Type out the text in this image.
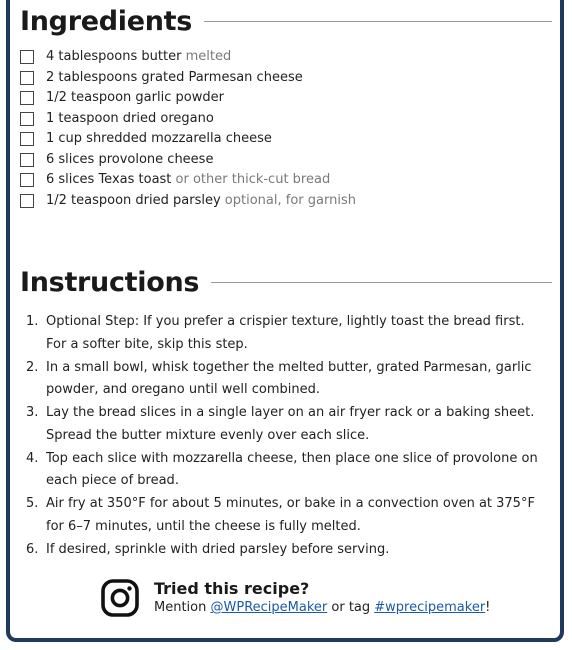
Ingredients
4 tablespoons butter melted
2 tablespoons grated Parmesan cheese
1/2 teaspoon garlic powder
1 teaspoon dried oregano
1 cup shredded mozzarella cheese
6 slices provolone cheese
6 slices Texas toast or other thick-cut bread
1/2 teaspoon dried parsley optional, for garnish
Instructions
1. Optional Step: If you prefer a crispier texture, lightly toast the bread first. For a softer bite, skip this step.
2. In a small bowl, whisk together the melted butter, grated Parmesan, garlic powder, and oregano until well combined.
3. Lay the bread slices in a single layer on an air fryer rack or a baking sheet. Spread the butter mixture evenly over each slice.
4. Top each slice with mozzarella cheese, then place one slice of provolone on each piece of bread.
5. Air fry at 350°F for about 5 minutes, or bake in a convection oven at 375°F for 6–7 minutes, until the cheese is fully melted.
6. If desired, sprinkle with dried parsley before serving.
Tried this recipe?
Mention @WPRecipeMaker or tag #wprecipemaker!
